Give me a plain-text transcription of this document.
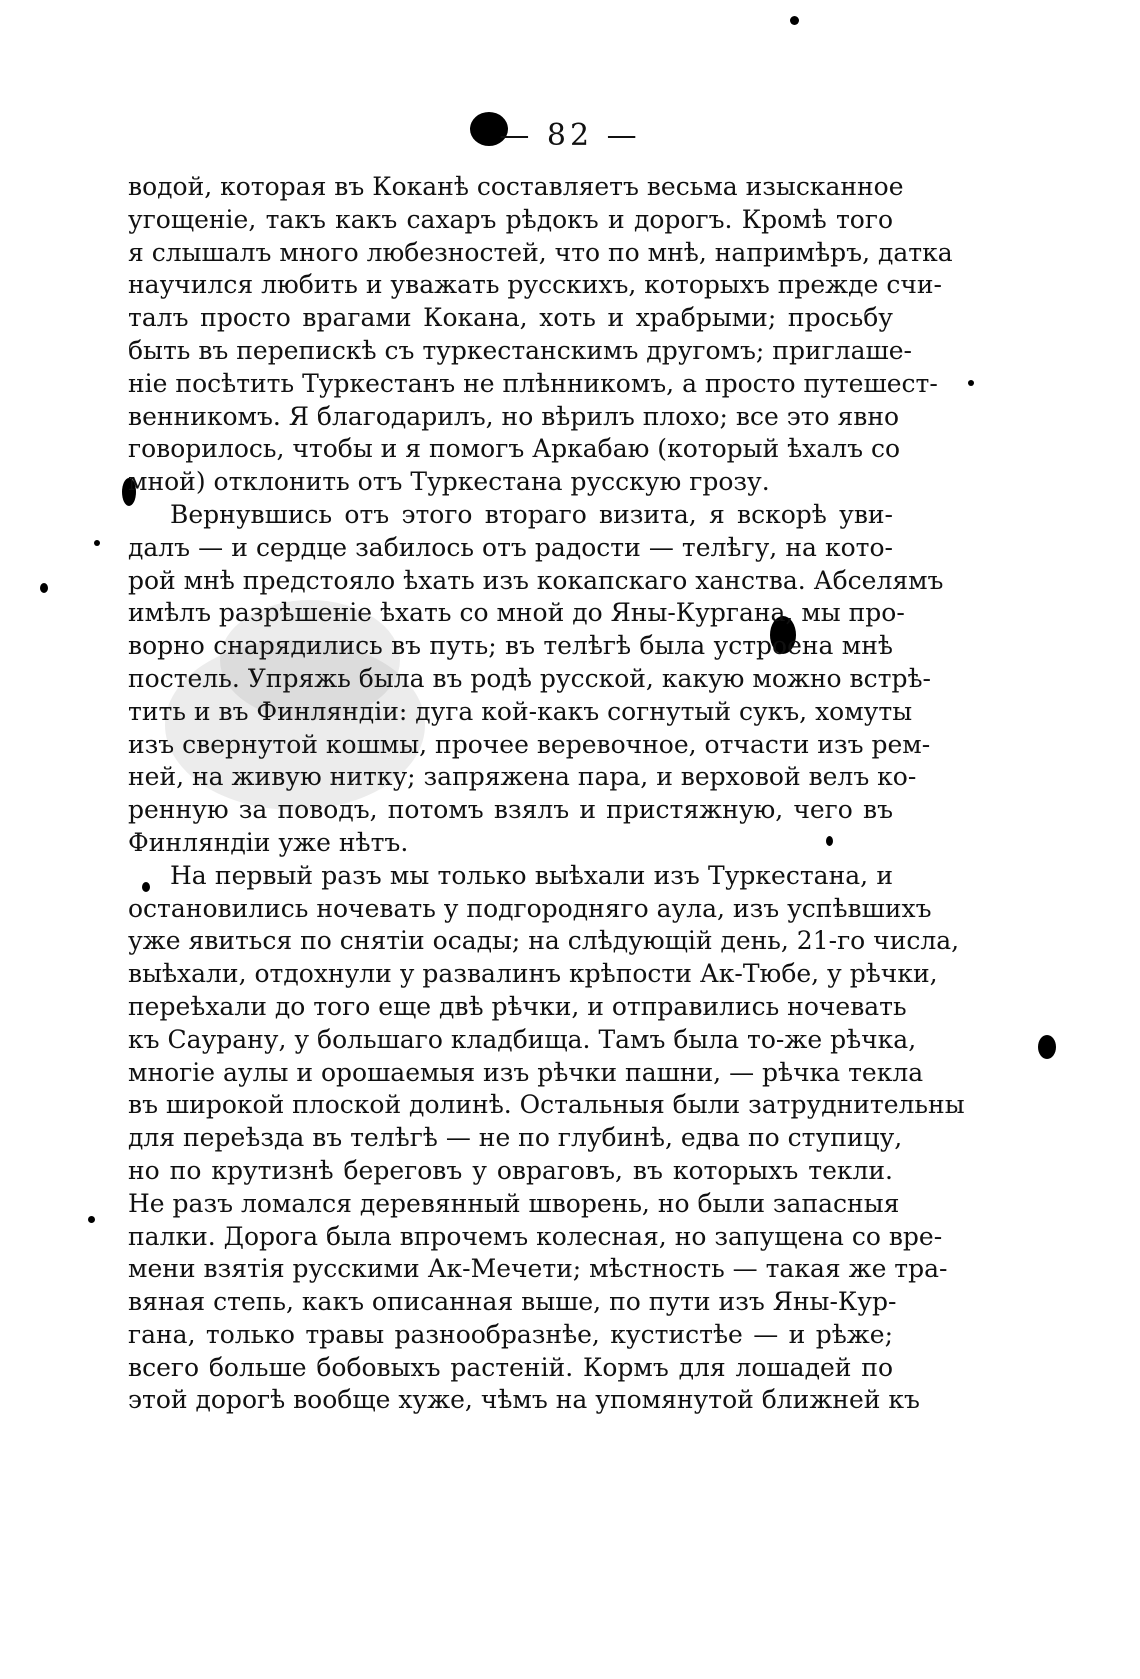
— 82 —
водой, которая въ Коканѣ составляетъ весьма изысканное
угощеніе, такъ какъ сахаръ рѣдокъ и дорогъ. Кромѣ того
я слышалъ много любезностей, что по мнѣ, напримѣръ, датка
научился любить и уважать русскихъ, которыхъ прежде счи-
талъ просто врагами Кокана, хоть и храбрыми; просьбу
быть въ перепискѣ съ туркестанскимъ другомъ; приглаше-
ніе посѣтить Туркестанъ не плѣнникомъ, а просто путешест-
венникомъ. Я благодарилъ, но вѣрилъ плохо; все это явно
говорилось, чтобы и я помогъ Аркабаю (который ѣхалъ со
мной) отклонить отъ Туркестана русскую грозу.
Вернувшись отъ этого втораго визита, я вскорѣ уви-
далъ — и сердце забилось отъ радости — телѣгу, на кото-
рой мнѣ предстояло ѣхать изъ кокапскаго ханства. Абселямъ
имѣлъ разрѣшеніе ѣхать со мной до Яны-Кургана, мы про-
ворно снарядились въ путь; въ телѣгѣ была устроена мнѣ
постель. Упряжь была въ родѣ русской, какую можно встрѣ-
тить и въ Финляндіи: дуга кой-какъ согнутый сукъ, хомуты
изъ свернутой кошмы, прочее веревочное, отчасти изъ рем-
ней, на живую нитку; запряжена пара, и верховой велъ ко-
ренную за поводъ, потомъ взялъ и пристяжную, чего въ
Финляндіи уже нѣтъ.
На первый разъ мы только выѣхали изъ Туркестана, и
остановились ночевать у подгородняго аула, изъ успѣвшихъ
уже явиться по снятіи осады; на слѣдующій день, 21-го числа,
выѣхали, отдохнули у развалинъ крѣпости Ак-Тюбе, у рѣчки,
переѣхали до того еще двѣ рѣчки, и отправились ночевать
къ Саурану, у большаго кладбища. Тамъ была то-же рѣчка,
многіе аулы и орошаемыя изъ рѣчки пашни, — рѣчка текла
въ широкой плоской долинѣ. Остальныя были затруднительны
для переѣзда въ телѣгѣ — не по глубинѣ, едва по ступицу,
но по крутизнѣ береговъ у овраговъ, въ которыхъ текли.
Не разъ ломался деревянный шворень, но были запасныя
палки. Дорога была впрочемъ колесная, но запущена со вре-
мени взятія русскими Ак-Мечети; мѣстность — такая же тра-
вяная степь, какъ описанная выше, по пути изъ Яны-Кур-
гана, только травы разнообразнѣе, кустистѣе — и рѣже;
всего больше бобовыхъ растеній. Кормъ для лошадей по
этой дорогѣ вообще хуже, чѣмъ на упомянутой ближней къ
